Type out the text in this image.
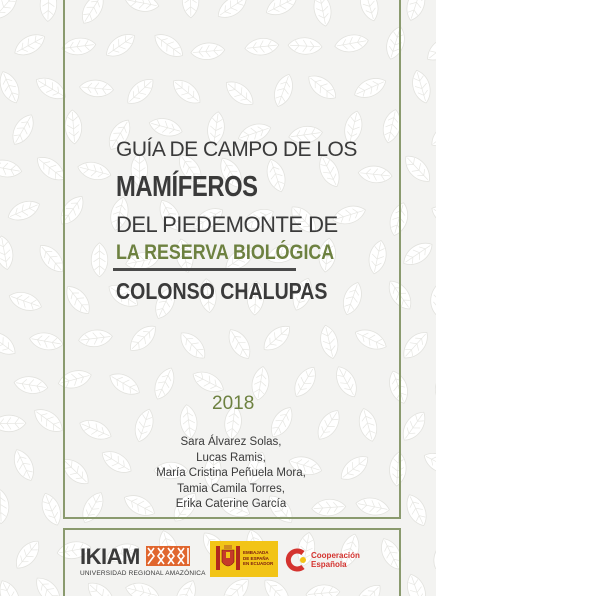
GUÍA DE CAMPO DE LOS
MAMÍFEROS
DEL PIEDEMONTE DE
LA RESERVA BIOLÓGICA
COLONSO CHALUPAS
2018
Sara Álvarez Solas,
Lucas Ramis,
María Cristina Peñuela Mora,
Tamia Camila Torres,
Erika Caterine García
IKIAM
UNIVERSIDAD REGIONAL AMAZÓNICA
EMBAJADA DE ESPAÑA EN ECUADOR
Cooperación
Española
